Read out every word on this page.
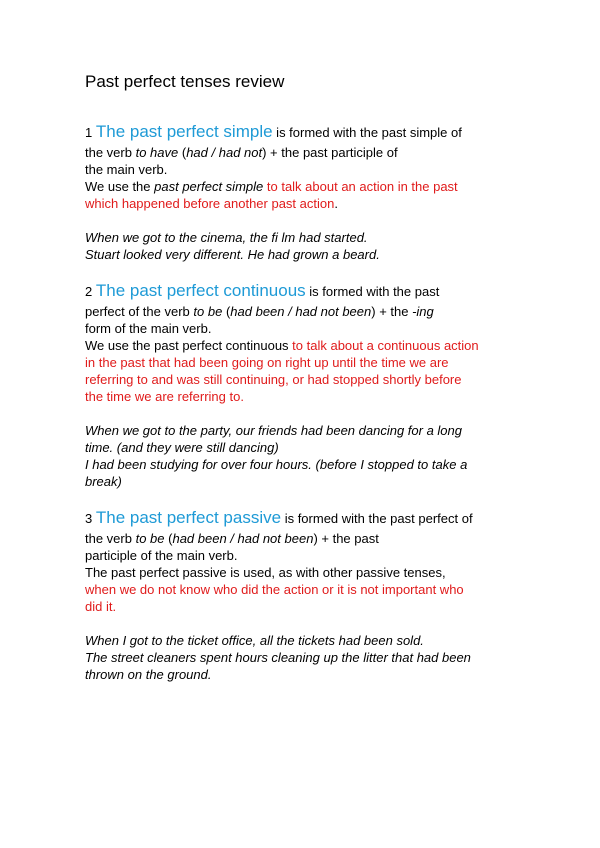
Past perfect tenses review
1 The past perfect simple is formed with the past simple of
the verb to have (had / had not) + the past participle of
the main verb.
We use the past perfect simple to talk about an action in the past
which happened before another past action.
When we got to the cinema, the fi lm had started.
Stuart looked very different. He had grown a beard.
2 The past perfect continuous is formed with the past
perfect of the verb to be (had been / had not been) + the -ing
form of the main verb.
We use the past perfect continuous to talk about a continuous action
in the past that had been going on right up until the time we are
referring to and was still continuing, or had stopped shortly before
the time we are referring to.
When we got to the party, our friends had been dancing for a long
time. (and they were still dancing)
I had been studying for over four hours. (before I stopped to take a
break)
3 The past perfect passive is formed with the past perfect of
the verb to be (had been / had not been) + the past
participle of the main verb.
The past perfect passive is used, as with other passive tenses,
when we do not know who did the action or it is not important who
did it.
When I got to the ticket office, all the tickets had been sold.
The street cleaners spent hours cleaning up the litter that had been
thrown on the ground.
